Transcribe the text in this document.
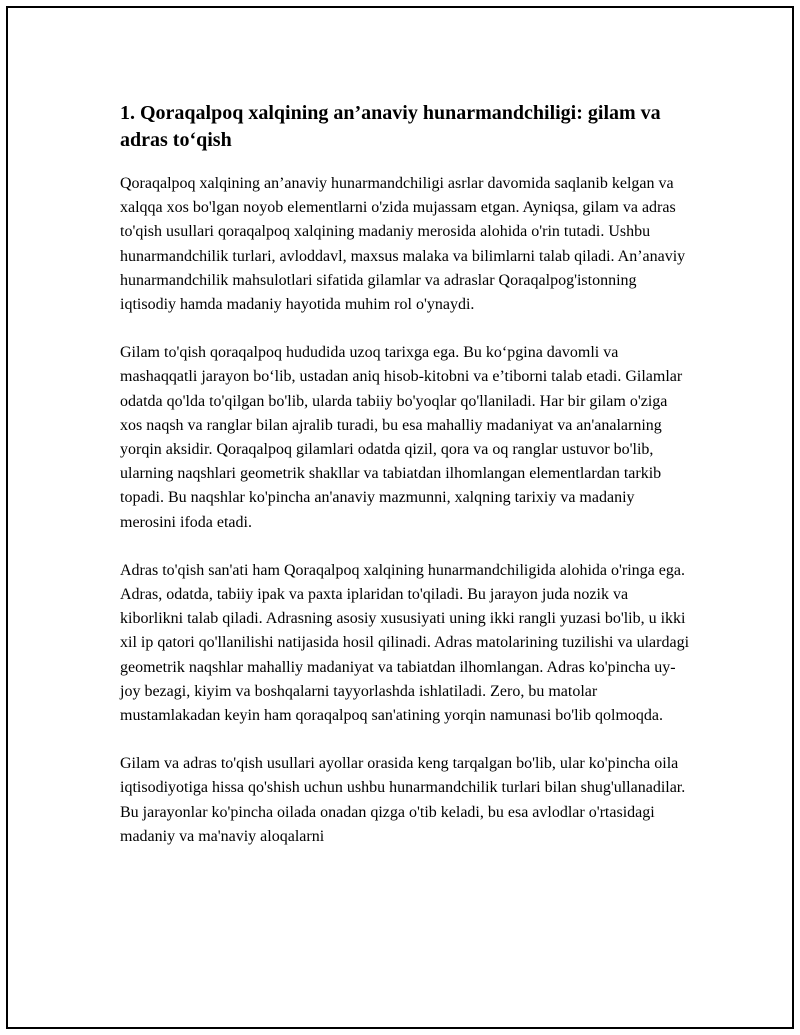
1. Qoraqalpoq xalqining an’anaviy hunarmandchiligi: gilam va adras to‘qish

Qoraqalpoq xalqining an’anaviy hunarmandchiligi asrlar davomida saqlanib kelgan va xalqqa xos bo'lgan noyob elementlarni o'zida mujassam etgan. Ayniqsa, gilam va adras to'qish usullari qoraqalpoq xalqining madaniy merosida alohida o'rin tutadi. Ushbu hunarmandchilik turlari, avloddavl, maxsus malaka va bilimlarni talab qiladi. An’anaviy hunarmandchilik mahsulotlari sifatida gilamlar va adraslar Qoraqalpog'istonning iqtisodiy hamda madaniy hayotida muhim rol o'ynaydi.

Gilam to'qish qoraqalpoq hududida uzoq tarixga ega. Bu ko‘pgina davomli va mashaqqatli jarayon bo‘lib, ustadan aniq hisob-kitobni va e’tiborni talab etadi. Gilamlar odatda qo'lda to'qilgan bo'lib, ularda tabiiy bo'yoqlar qo'llaniladi. Har bir gilam o'ziga xos naqsh va ranglar bilan ajralib turadi, bu esa mahalliy madaniyat va an'analarning yorqin aksidir. Qoraqalpoq gilamlari odatda qizil, qora va oq ranglar ustuvor bo'lib, ularning naqshlari geometrik shakllar va tabiatdan ilhomlangan elementlardan tarkib topadi. Bu naqshlar ko'pincha an'anaviy mazmunni, xalqning tarixiy va madaniy merosini ifoda etadi.

Adras to'qish san'ati ham Qoraqalpoq xalqining hunarmandchiligida alohida o'ringa ega. Adras, odatda, tabiiy ipak va paxta iplaridan to'qiladi. Bu jarayon juda nozik va kiborlikni talab qiladi. Adrasning asosiy xususiyati uning ikki rangli yuzasi bo'lib, u ikki xil ip qatori qo'llanilishi natijasida hosil qilinadi. Adras matolarining tuzilishi va ulardagi geometrik naqshlar mahalliy madaniyat va tabiatdan ilhomlangan. Adras ko'pincha uy-joy bezagi, kiyim va boshqalarni tayyorlashda ishlatiladi. Zero, bu matolar mustamlakadan keyin ham qoraqalpoq san'atining yorqin namunasi bo'lib qolmoqda.

Gilam va adras to'qish usullari ayollar orasida keng tarqalgan bo'lib, ular ko'pincha oila iqtisodiyotiga hissa qo'shish uchun ushbu hunarmandchilik turlari bilan shug'ullanadilar. Bu jarayonlar ko'pincha oilada onadan qizga o'tib keladi, bu esa avlodlar o'rtasidagi madaniy va ma'naviy aloqalarni
